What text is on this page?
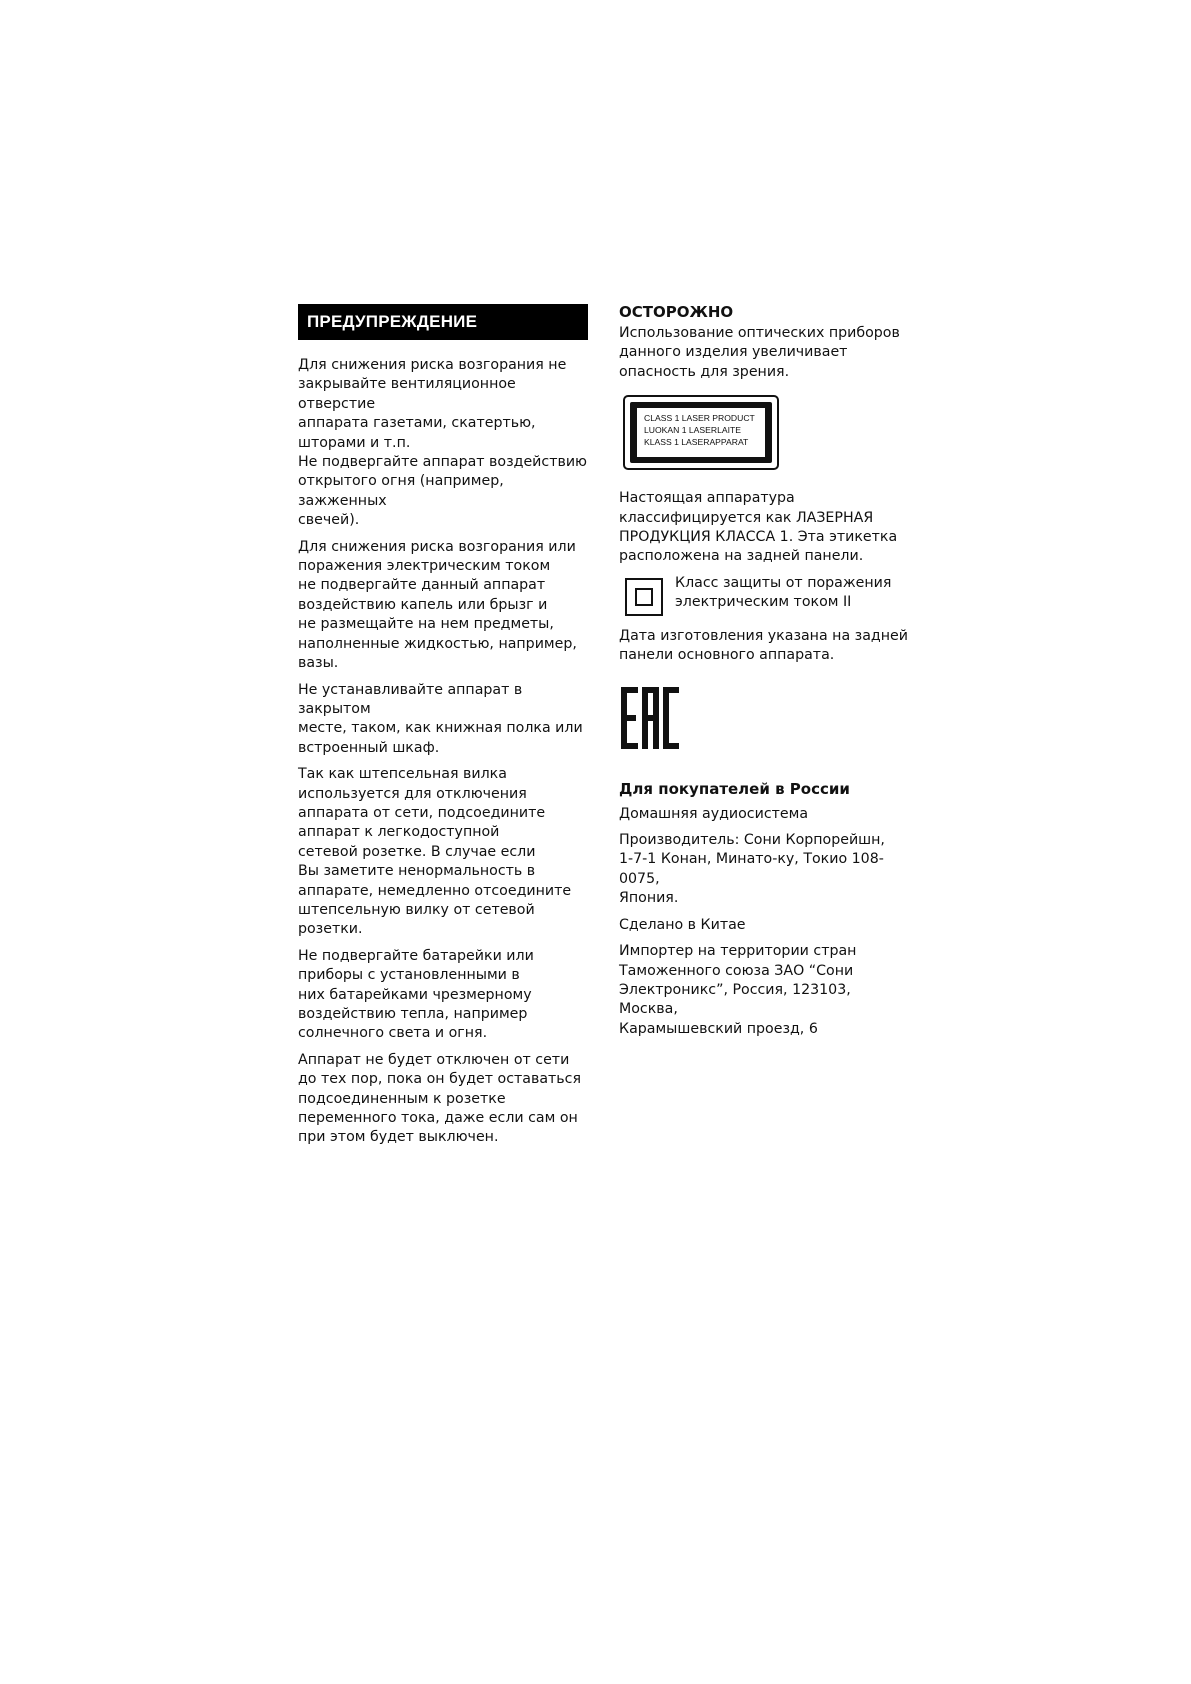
ПРЕДУПРЕЖДЕНИЕ

Для снижения риска возгорания не
закрывайте вентиляционное отверстие
аппарата газетами, скатертью,
шторами и т.п.
Не подвергайте аппарат воздействию
открытого огня (например, зажженных
свечей).

Для снижения риска возгорания или
поражения электрическим током
не подвергайте данный аппарат
воздействию капель или брызг и
не размещайте на нем предметы,
наполненные жидкостью, например,
вазы.

Не устанавливайте аппарат в закрытом
месте, таком, как книжная полка или
встроенный шкаф.

Так как штепсельная вилка
используется для отключения
аппарата от сети, подсоедините
аппарат к легкодоступной
сетевой розетке. В случае если
Вы заметите ненормальность в
аппарате, немедленно отсоедините
штепсельную вилку от сетевой
розетки.

Не подвергайте батарейки или
приборы с установленными в
них батарейками чрезмерному
воздействию тепла, например
солнечного света и огня.

Аппарат не будет отключен от сети
до тех пор, пока он будет оставаться
подсоединенным к розетке
переменного тока, даже если сам он
при этом будет выключен.

ОСТОРОЖНО

Использование оптических приборов
данного изделия увеличивает
опасность для зрения.

CLASS 1 LASER PRODUCT
LUOKAN 1 LASERLAITE
KLASS 1 LASERAPPARAT

Настоящая аппаратура
классифицируется как ЛАЗЕРНАЯ
ПРОДУКЦИЯ КЛАССА 1. Эта этикетка
расположена на задней панели.

Класс защиты от поражения
электрическим током II

Дата изготовления указана на задней
панели основного аппарата.

Для покупателей в России

Домашняя аудиосистема

Производитель: Сони Корпорейшн,
1-7-1 Конан, Минато-ку, Токио 108-0075,
Япония.

Сделано в Китае

Импортер на территории стран
Таможенного союза ЗАО “Сони
Электроникс”, Россия, 123103, Москва,
Карамышевский проезд, 6
